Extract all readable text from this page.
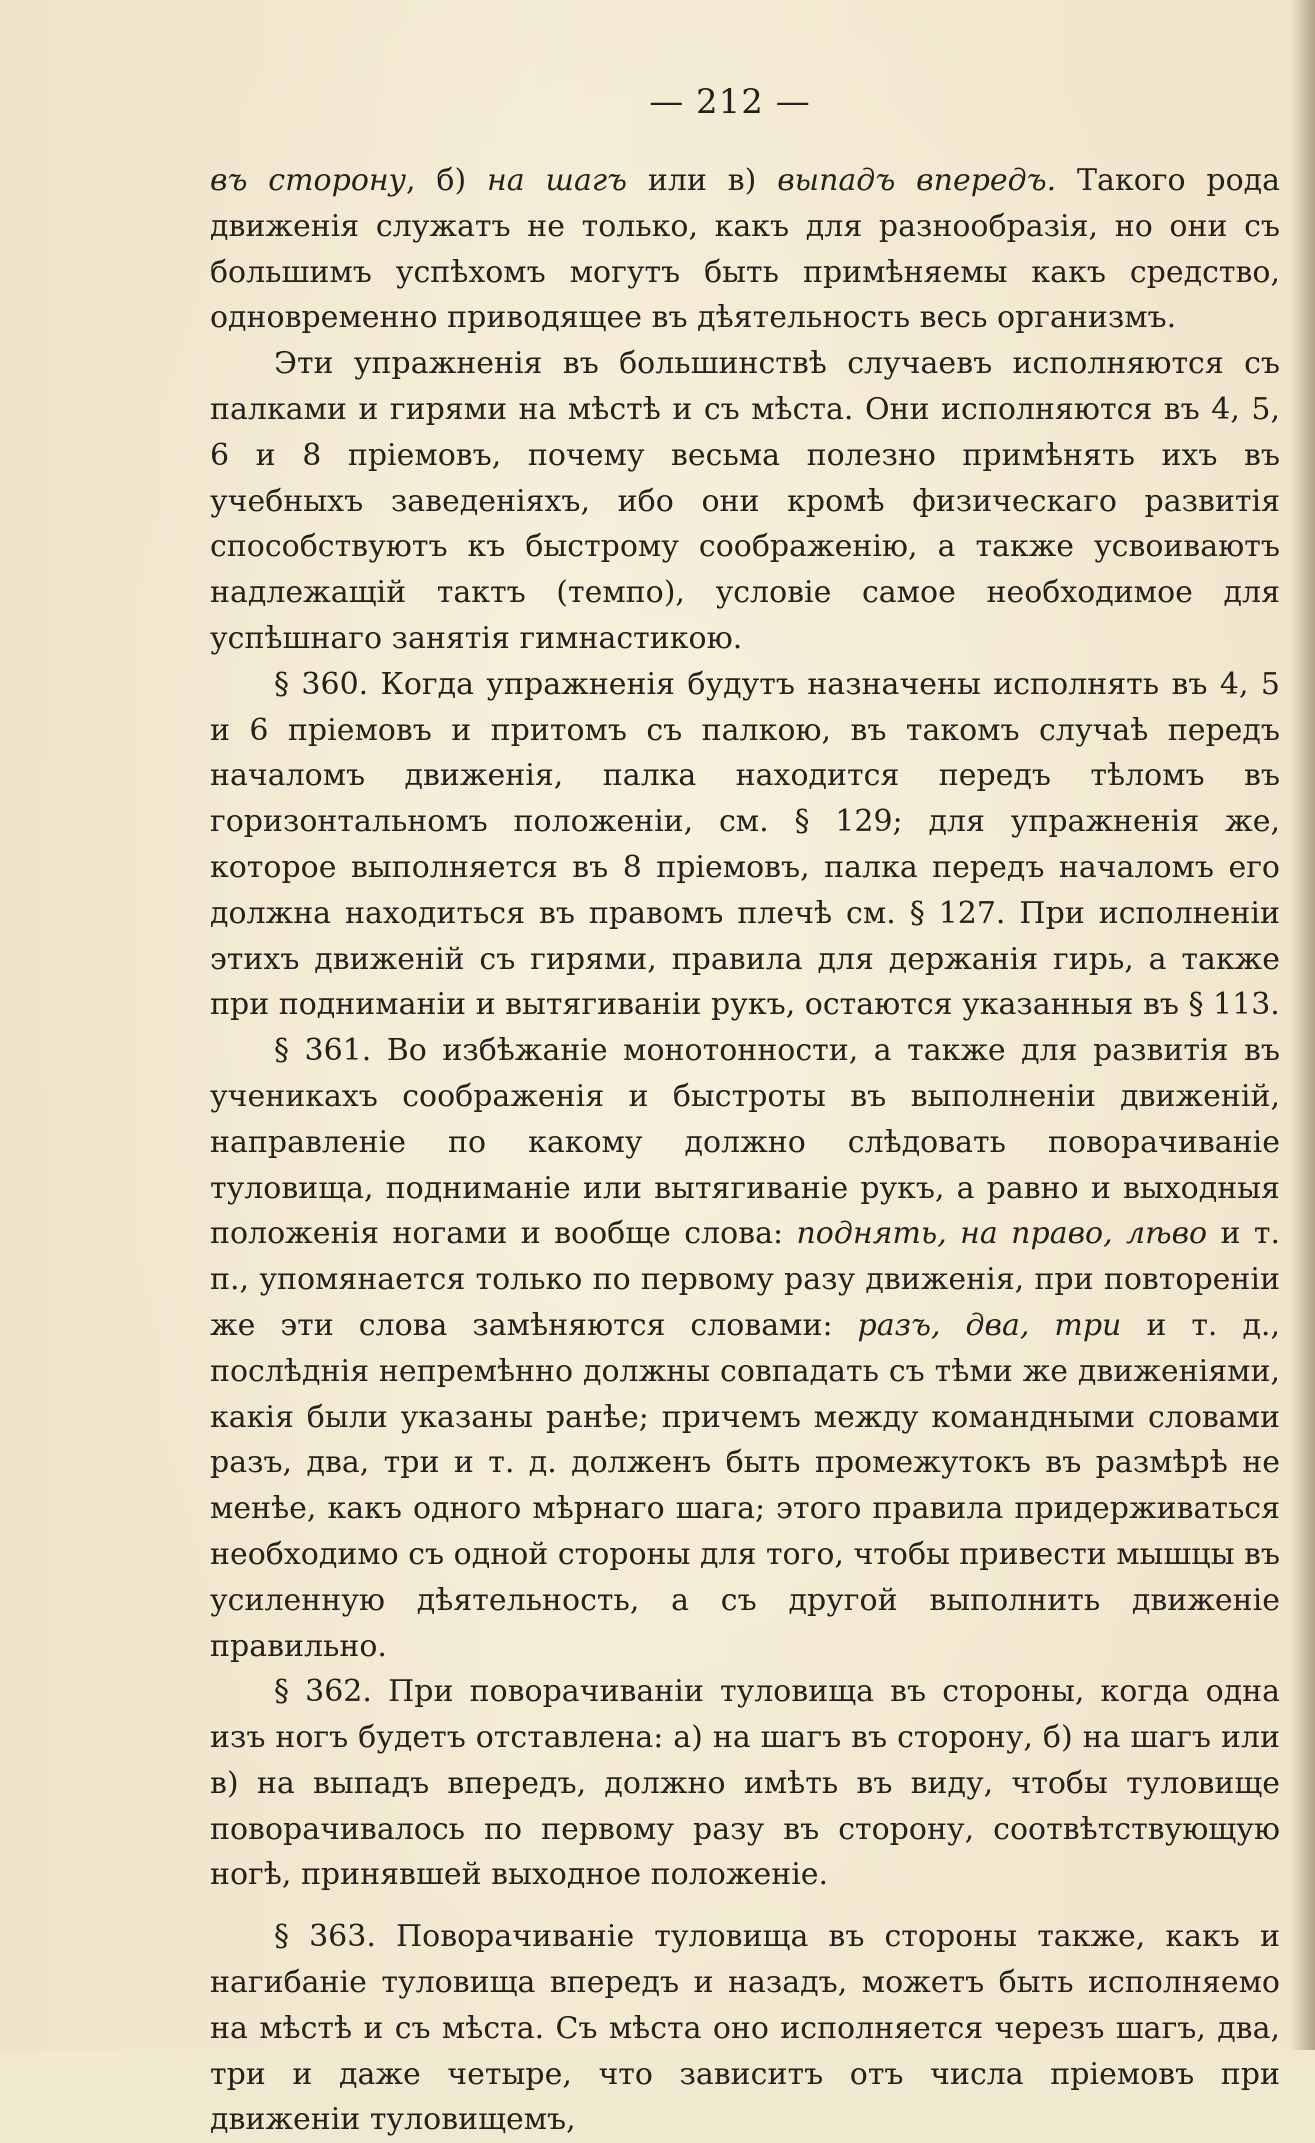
— 212 —

въ сторону, б) на шагъ или в) выпадъ впередъ. Такого рода движенія служатъ не только, какъ для разнообразія, но они съ большимъ успѣхомъ могутъ быть примѣняемы какъ средство, одновременно приводящее въ дѣятельность весь организмъ.

Эти упражненія въ большинствѣ случаевъ исполняются съ палками и гирями на мѣстѣ и съ мѣста. Они исполняются въ 4, 5, 6 и 8 пріемовъ, почему весьма полезно примѣнять ихъ въ учебныхъ заведеніяхъ, ибо они кромѣ физическаго развитія способствуютъ къ быстрому соображенію, а также усвоиваютъ надлежащій тактъ (темпо), условіе самое необходимое для успѣшнаго занятія гимнастикою.

§ 360. Когда упражненія будутъ назначены исполнять въ 4, 5 и 6 пріемовъ и притомъ съ палкою, въ такомъ случаѣ передъ началомъ движенія, палка находится передъ тѣломъ въ горизонтальномъ положеніи, см. § 129; для упражненія же, которое выполняется въ 8 пріемовъ, палка передъ началомъ его должна находиться въ правомъ плечѣ см. § 127. При исполненіи этихъ движеній съ гирями, правила для держанія гирь, а также при подниманіи и вытягиваніи рукъ, остаются указанныя въ § 113.

§ 361. Во избѣжаніе монотонности, а также для развитія въ ученикахъ соображенія и быстроты въ выполненіи движеній, направленіе по какому должно слѣдовать поворачиваніе туловища, подниманіе или вытягиваніе рукъ, а равно и выходныя положенія ногами и вообще слова: поднять, на право, лѣво и т. п., упомянается только по первому разу движенія, при повтореніи же эти слова замѣняются словами: разъ, два, три и т. д., послѣднія непремѣнно должны совпадать съ тѣми же движеніями, какія были указаны ранѣе; причемъ между командными словами разъ, два, три и т. д. долженъ быть промежутокъ въ размѣрѣ не менѣе, какъ одного мѣрнаго шага; этого правила придерживаться необходимо съ одной стороны для того, чтобы привести мышцы въ усиленную дѣятельность, а съ другой выполнить движеніе правильно.

§ 362. При поворачиваніи туловища въ стороны, когда одна изъ ногъ будетъ отставлена: а) на шагъ въ сторону, б) на шагъ или в) на выпадъ впередъ, должно имѣть въ виду, чтобы туловище поворачивалось по первому разу въ сторону, соотвѣтствующую ногѣ, принявшей выходное положеніе.

§ 363. Поворачиваніе туловища въ стороны также, какъ и нагибаніе туловища впередъ и назадъ, можетъ быть исполняемо на мѣстѣ и съ мѣста. Съ мѣста оно исполняется черезъ шагъ, два, три и даже четыре, что зависитъ отъ числа пріемовъ при движеніи туловищемъ,
